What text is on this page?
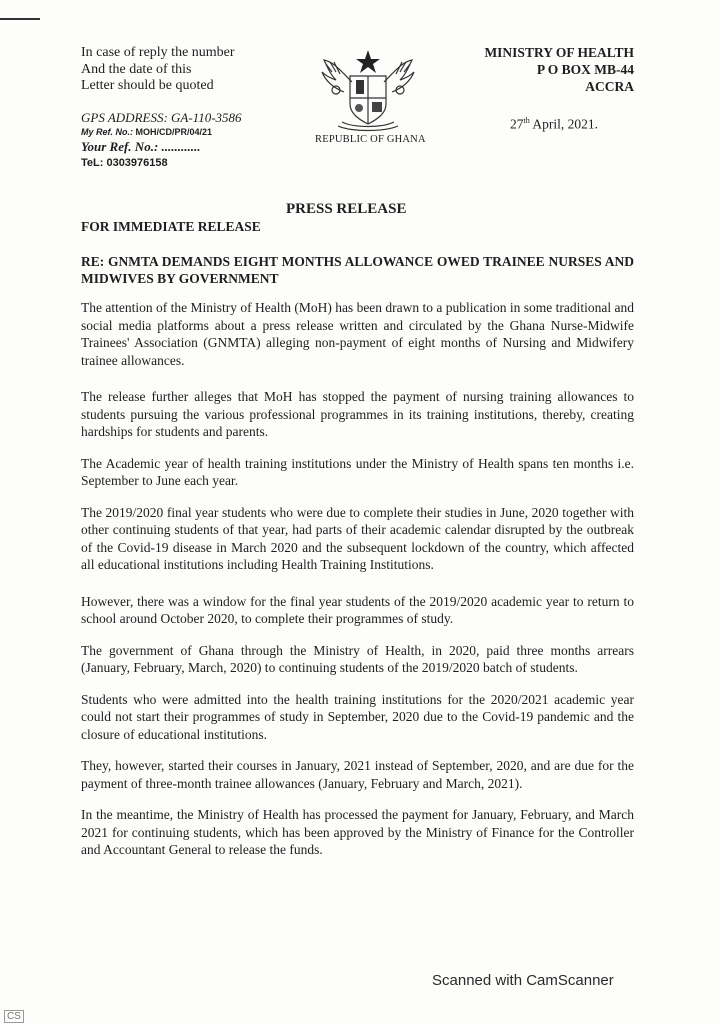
In case of reply the number
And the date of this
Letter should be quoted
GPS ADDRESS: GA-110-3586
My Ref. No.: MOH/CD/PR/04/21
Your Ref. No.: ............
TeL: 0303976158
REPUBLIC OF GHANA
MINISTRY OF HEALTH
P O BOX MB-44
ACCRA
27th April, 2021.
PRESS RELEASE
FOR IMMEDIATE RELEASE
RE: GNMTA DEMANDS EIGHT MONTHS ALLOWANCE OWED TRAINEE NURSES AND MIDWIVES BY GOVERNMENT

The attention of the Ministry of Health (MoH) has been drawn to a publication in some traditional and social media platforms about a press release written and circulated by the Ghana Nurse-Midwife Trainees' Association (GNMTA) alleging non-payment of eight months of Nursing and Midwifery trainee allowances.

The release further alleges that MoH has stopped the payment of nursing training allowances to students pursuing the various professional programmes in its training institutions, thereby, creating hardships for students and parents.

The Academic year of health training institutions under the Ministry of Health spans ten months i.e. September to June each year.

The 2019/2020 final year students who were due to complete their studies in June, 2020 together with other continuing students of that year, had parts of their academic calendar disrupted by the outbreak of the Covid-19 disease in March 2020 and the subsequent lockdown of the country, which affected all educational institutions including Health Training Institutions.

However, there was a window for the final year students of the 2019/2020 academic year to return to school around October 2020, to complete their programmes of study.

The government of Ghana through the Ministry of Health, in 2020, paid three months arrears (January, February, March, 2020) to continuing students of the 2019/2020 batch of students.

Students who were admitted into the health training institutions for the 2020/2021 academic year could not start their programmes of study in September, 2020 due to the Covid-19 pandemic and the closure of educational institutions.

They, however, started their courses in January, 2021 instead of September, 2020, and are due for the payment of three-month trainee allowances (January, February and March, 2021).

In the meantime, the Ministry of Health has processed the payment for January, February, and March 2021 for continuing students, which has been approved by the Ministry of Finance for the Controller and Accountant General to release the funds.

Scanned with CamScanner
CS
